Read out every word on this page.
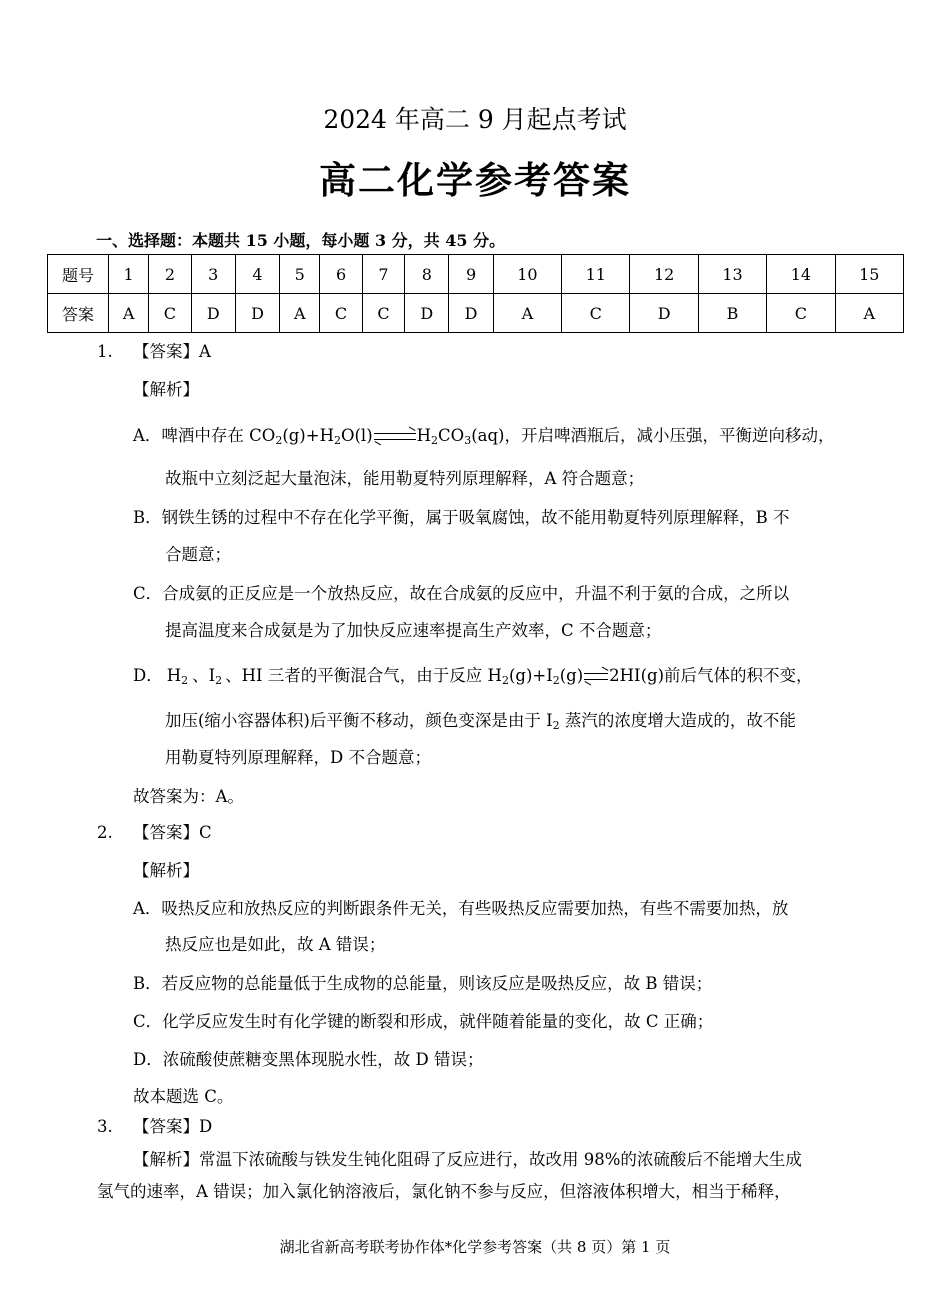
2024 年高二 9 月起点考试
高二化学参考答案
一、选择题：本题共 15 小题，每小题 3 分，共 45 分。
题号	1	2	3	4	5	6	7	8	9	10	11	12	13	14	15
答案	A	C	D	D	A	C	C	D	D	A	C	D	B	C	A
1. 【答案】A
【解析】
A．啤酒中存在 $CO_2(g)+H_2O(l)\rightleftharpoons H_2CO_3(aq)$，开启啤酒瓶后，减小压强，平衡逆向移动，
故瓶中立刻泛起大量泡沫，能用勒夏特列原理解释，A 符合题意；
B．钢铁生锈的过程中不存在化学平衡，属于吸氧腐蚀，故不能用勒夏特列原理解释，B 不
合题意；
C．合成氨的正反应是一个放热反应，故在合成氨的反应中，升温不利于氨的合成，之所以
提高温度来合成氨是为了加快反应速率提高生产效率，C 不合题意；
D． $H_2$ 、$I_2$ 、HI 三者的平衡混合气，由于反应 $H_2(g)+I_2(g)\rightleftharpoons 2HI(g)$前后气体的积不变，
加压(缩小容器体积)后平衡不移动，颜色变深是由于 $I_2$ 蒸汽的浓度增大造成的，故不能
用勒夏特列原理解释，D 不合题意；
故答案为：A。
2. 【答案】C
【解析】
A．吸热反应和放热反应的判断跟条件无关，有些吸热反应需要加热，有些不需要加热，放
热反应也是如此，故 A 错误；
B．若反应物的总能量低于生成物的总能量，则该反应是吸热反应，故 B 错误；
C．化学反应发生时有化学键的断裂和形成，就伴随着能量的变化，故 C 正确；
D．浓硫酸使蔗糖变黑体现脱水性，故 D 错误；
故本题选 C。
3. 【答案】D
【解析】常温下浓硫酸与铁发生钝化阻碍了反应进行，故改用 98%的浓硫酸后不能增大生成
氢气的速率，A 错误；加入氯化钠溶液后，氯化钠不参与反应，但溶液体积增大，相当于稀释，
湖北省新高考联考协作体*化学参考答案（共 8 页）第 1 页
